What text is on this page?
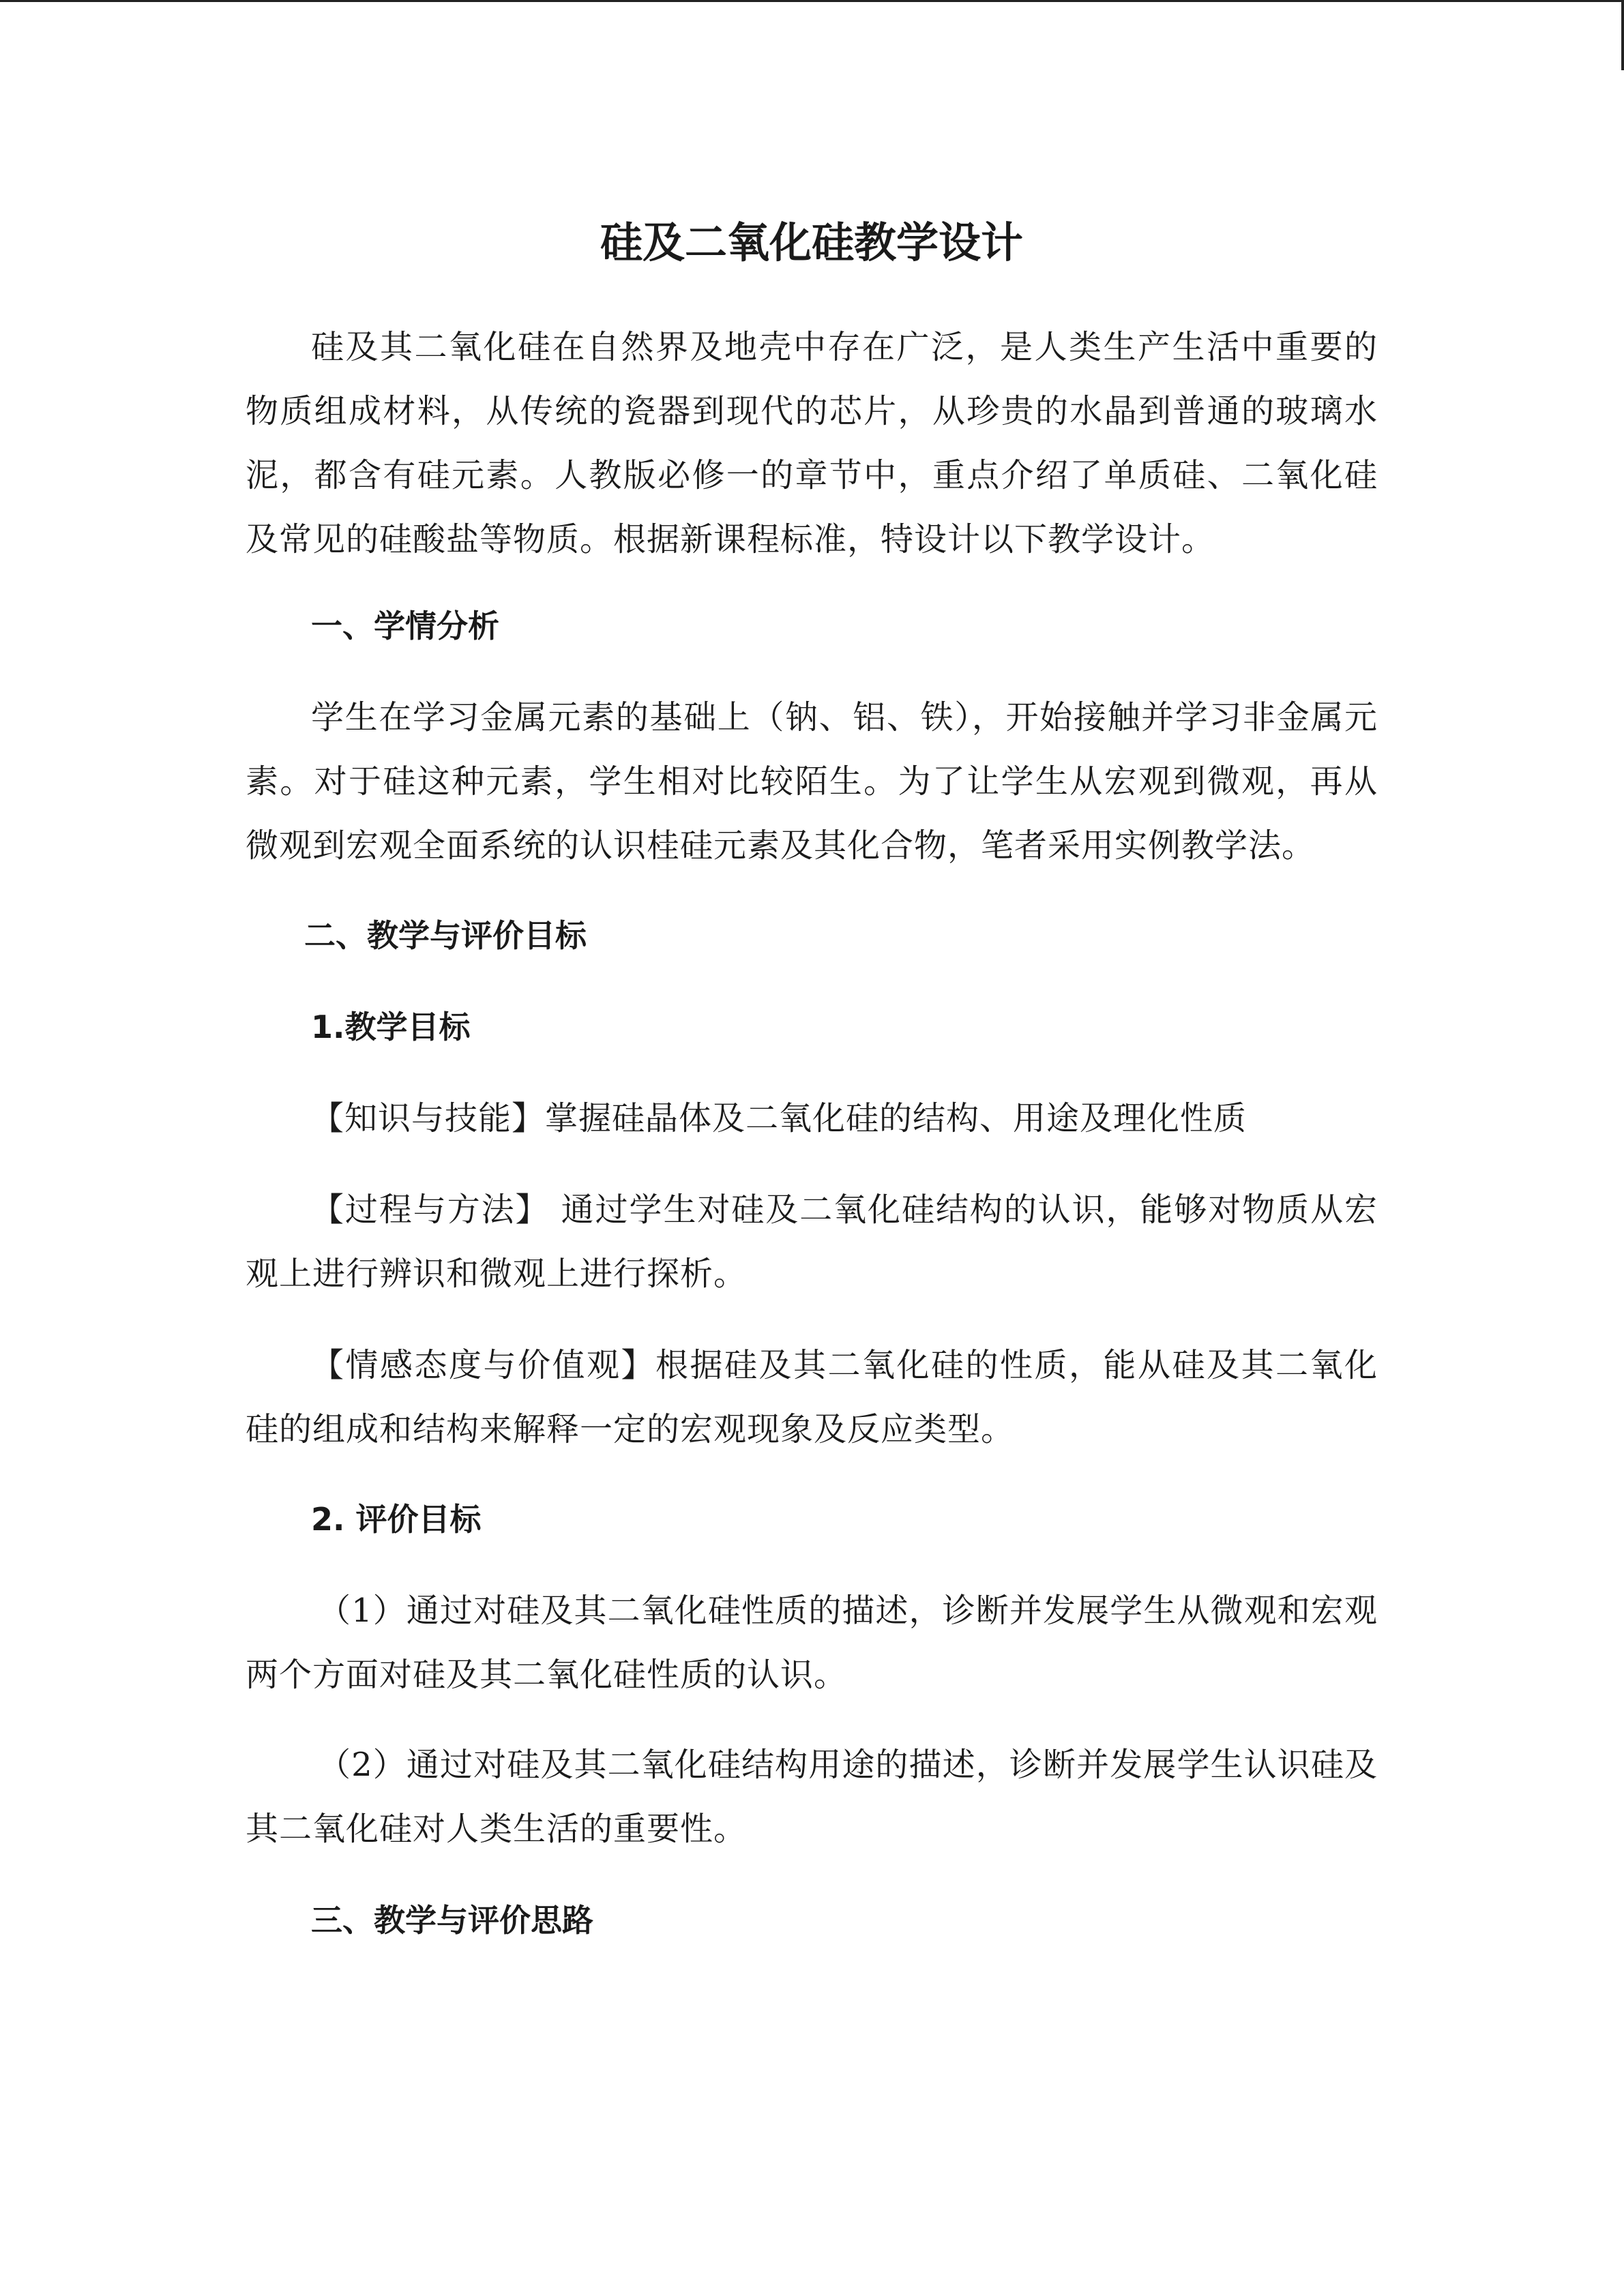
硅及二氧化硅教学设计

硅及其二氧化硅在自然界及地壳中存在广泛，是人类生产生活中重要的物质组成材料，从传统的瓷器到现代的芯片，从珍贵的水晶到普通的玻璃水泥，都含有硅元素。人教版必修一的章节中，重点介绍了单质硅、二氧化硅及常见的硅酸盐等物质。根据新课程标准，特设计以下教学设计。

一、学情分析

学生在学习金属元素的基础上（钠、铝、铁），开始接触并学习非金属元素。对于硅这种元素，学生相对比较陌生。为了让学生从宏观到微观，再从微观到宏观全面系统的认识桂硅元素及其化合物，笔者采用实例教学法。

二、教学与评价目标
1.教学目标

【知识与技能】掌握硅晶体及二氧化硅的结构、用途及理化性质

【过程与方法】 通过学生对硅及二氧化硅结构的认识，能够对物质从宏观上进行辨识和微观上进行探析。

【情感态度与价值观】根据硅及其二氧化硅的性质，能从硅及其二氧化硅的组成和结构来解释一定的宏观现象及反应类型。

2. 评价目标

（1）通过对硅及其二氧化硅性质的描述，诊断并发展学生从微观和宏观两个方面对硅及其二氧化硅性质的认识。

（2）通过对硅及其二氧化硅结构用途的描述，诊断并发展学生认识硅及其二氧化硅对人类生活的重要性。

三、教学与评价思路
